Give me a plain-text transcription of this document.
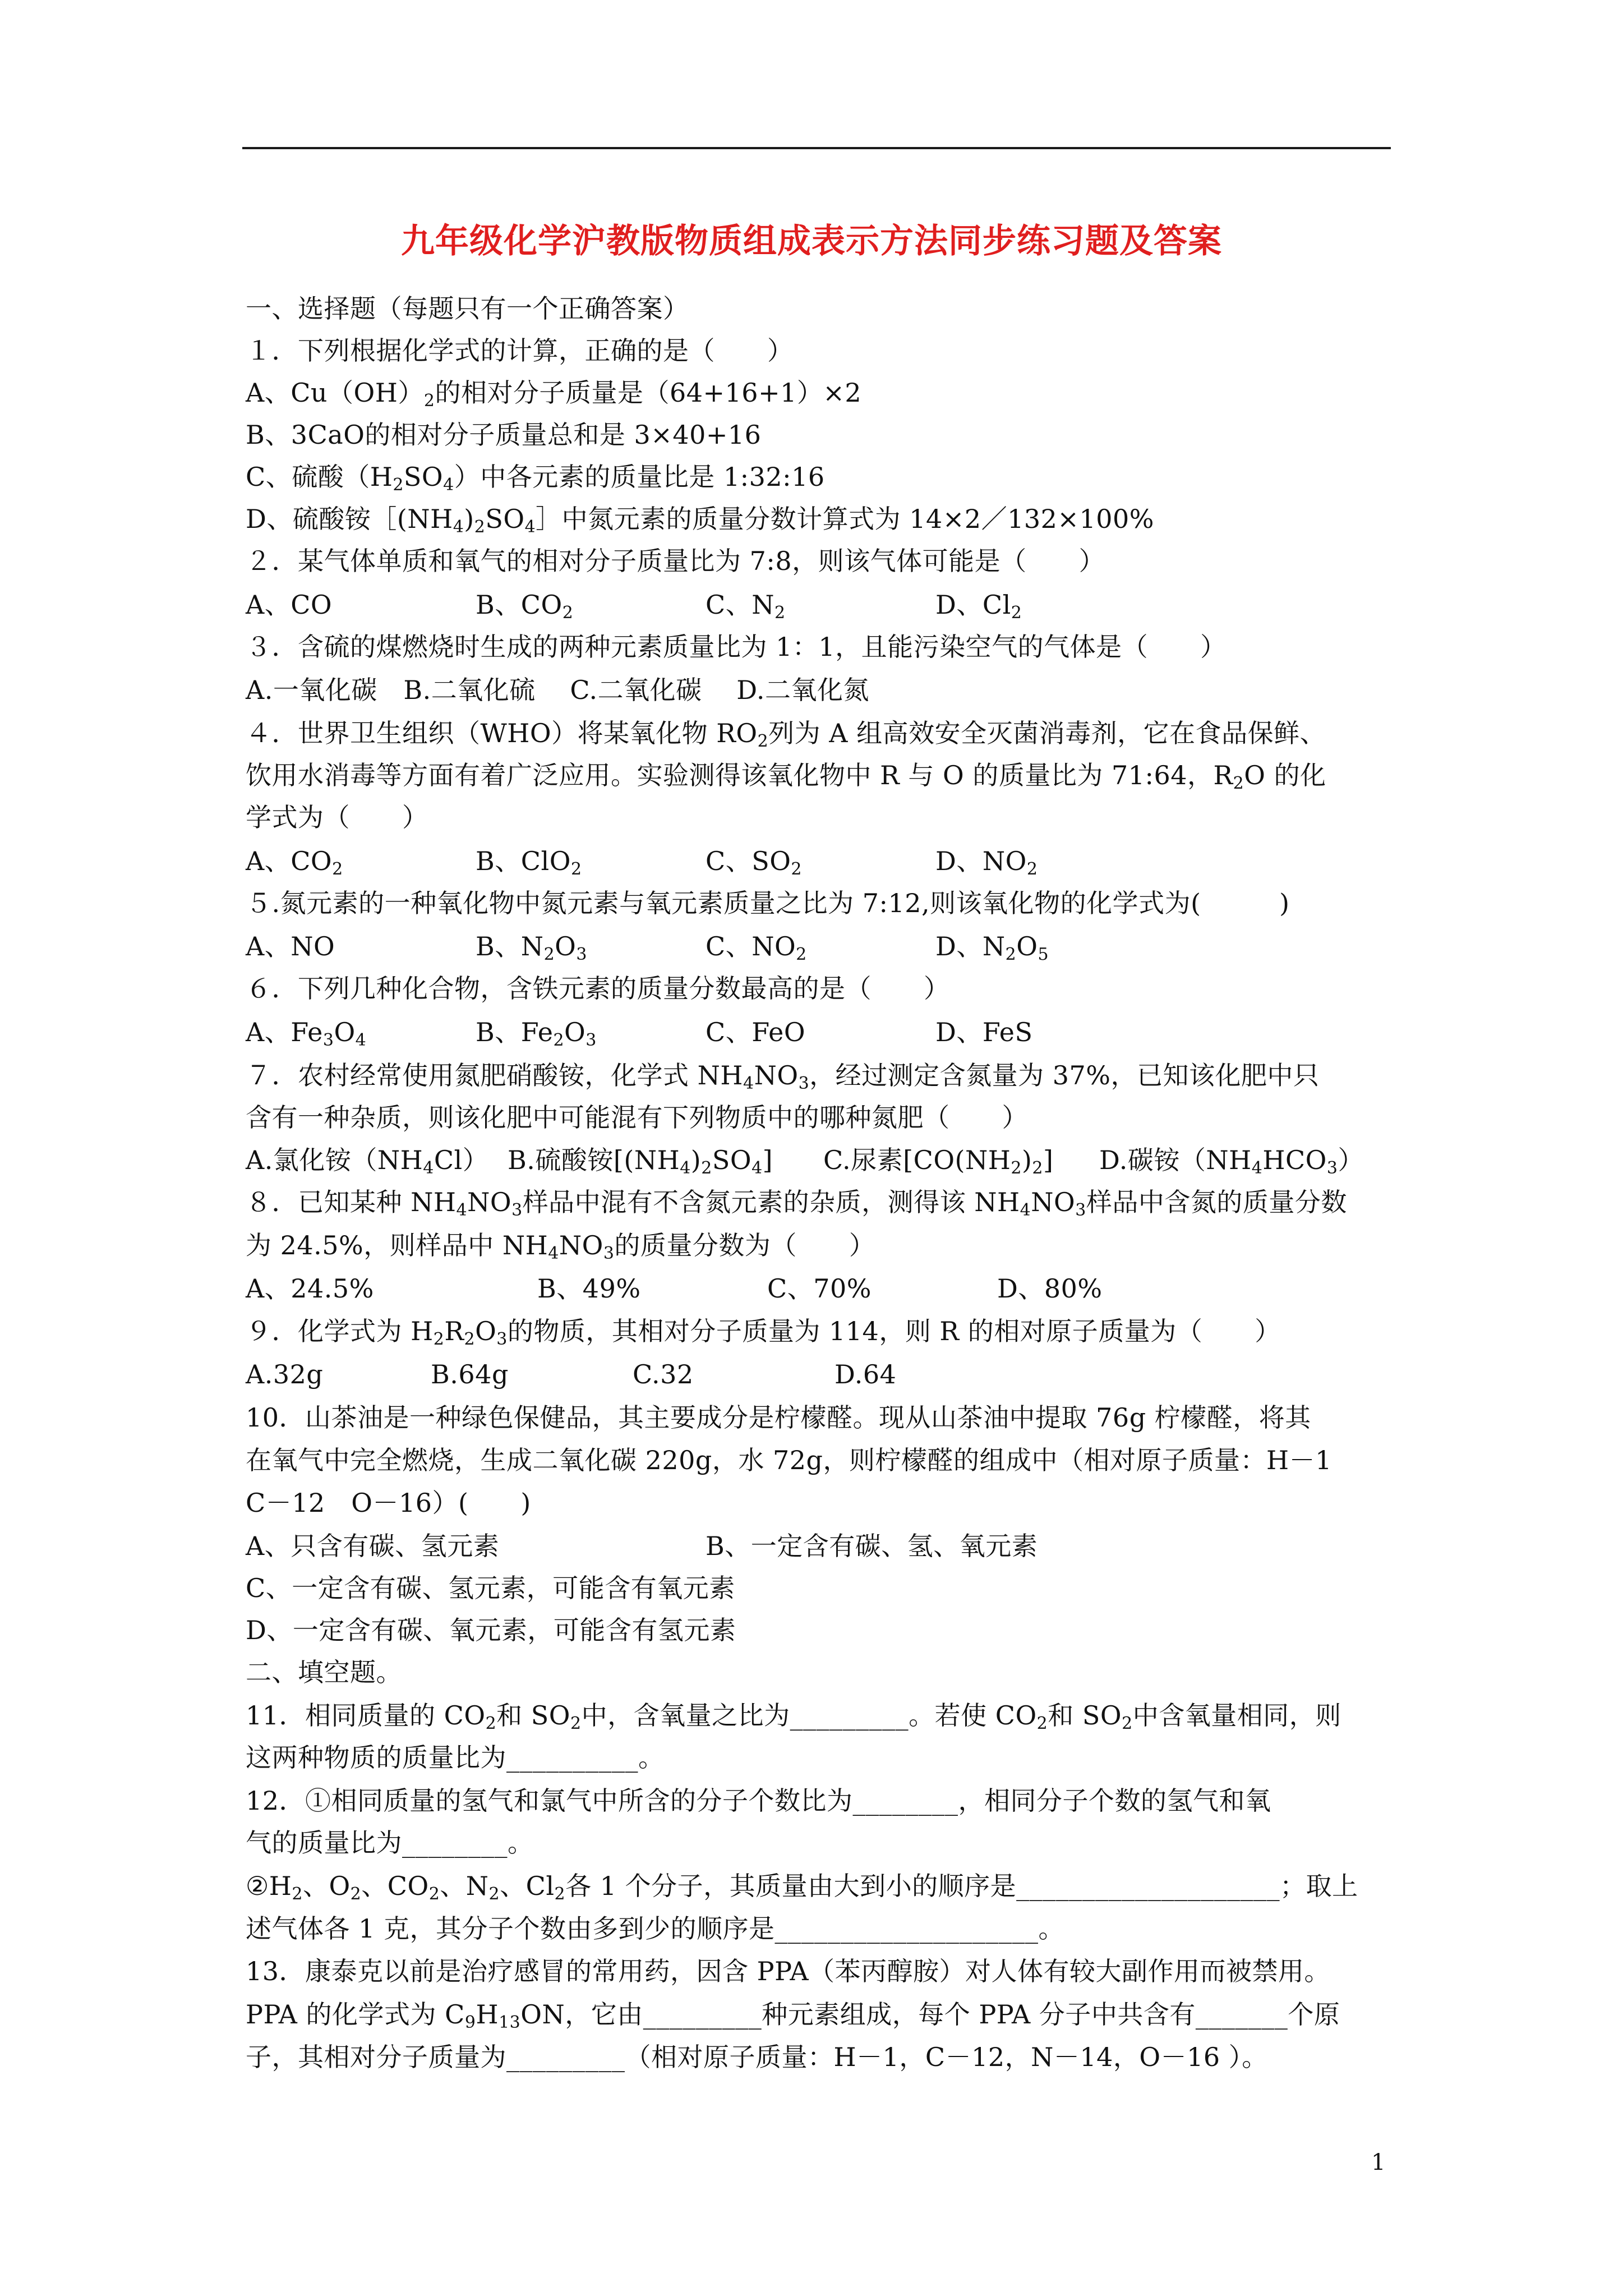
九年级化学沪教版物质组成表示方法同步练习题及答案
一、选择题（每题只有一个正确答案）
１．下列根据化学式的计算，正确的是（　　）
A、$Cu(OH)_2$的相对分子质量是（64+16+1）×2
B、3CaO的相对分子质量总和是 3×40+16
C、硫酸$(H_2SO_4)$中各元素的质量比是 1:32:16
D、硫酸铵$[(NH_4)_2SO_4]$中氮元素的质量分数计算式为 14×2／132×100%
２．某气体单质和氧气的相对分子质量比为 7:8，则该气体可能是（　　）
A、CO	B、$CO_2$	C、$N_2$	D、$Cl_2$
３．含硫的煤燃烧时生成的两种元素质量比为 1：1，且能污染空气的气体是（　　）
A.一氧化碳　B.二氧化硫　 C.二氧化碳　 D.二氧化氮
４．世界卫生组织（WHO）将某氧化物 $RO_2$列为 A 组高效安全灭菌消毒剂，它在食品保鲜、
饮用水消毒等方面有着广泛应用。实验测得该氧化物中 R 与 O 的质量比为 71:64，$R_2O$ 的化
学式为（　　）
A、$CO_2$	B、ClO$_2$	C、$SO_2$	D、$NO_2$
５.氮元素的一种氧化物中氮元素与氧元素质量之比为 7:12,则该氧化物的化学式为(　　　)
A、NO	B、$N_2O_3$	C、$NO_2$	D、$N_2O_5$
６．下列几种化合物，含铁元素的质量分数最高的是（　　）
A、$Fe_3O_4$	B、$Fe_2O_3$	C、FeO	D、FeS
７．农村经常使用氮肥硝酸铵，化学式 $NH_4NO_3$，经过测定含氮量为 37%，已知该化肥中只
含有一种杂质，则该化肥中可能混有下列物质中的哪种氮肥（　　）
A.氯化铵$(NH_4Cl)$ B.硫酸铵$[(NH_4)_2SO_4]$ C.尿素$[CO(NH_2)_2]$ D.碳铵$(NH_4HCO_3)$
８．已知某种 $NH_4NO_3$样品中混有不含氮元素的杂质，测得该 $NH_4NO_3$样品中含氮的质量分数
为 24.5%，则样品中 $NH_4NO_3$的质量分数为（　　）
A、24.5%	B、49%	C、70%	D、80%
９．化学式为 $H_2R_2O_3$的物质，其相对分子质量为 114，则 R 的相对原子质量为（　　）
A.32g	B.64g	C.32	D.64
10．山茶油是一种绿色保健品，其主要成分是柠檬醛。现从山茶油中提取 76g 柠檬醛，将其
在氧气中完全燃烧，生成二氧化碳 220g，水 72g，则柠檬醛的组成中（相对原子质量：H－1
C－12　O－16）(　　)
A、只含有碳、氢元素	B、一定含有碳、氢、氧元素
C、一定含有碳、氢元素，可能含有氧元素
D、一定含有碳、氧元素，可能含有氢元素
二、填空题。
11．相同质量的 $CO_2$和 $SO_2$中，含氧量之比为_________。若使 $CO_2$和 $SO_2$中含氧量相同，则
这两种物质的质量比为__________。
12．①相同质量的氢气和氯气中所含的分子个数比为________，相同分子个数的氢气和氧
气的质量比为________。
$②H_2$、$O_2$、$CO_2$、$N_2$、$Cl_2$各 1 个分子，其质量由大到小的顺序是____________________；取上
述气体各 1 克，其分子个数由多到少的顺序是____________________。
13．康泰克以前是治疗感冒的常用药，因含 PPA（苯丙醇胺）对人体有较大副作用而被禁用。
PPA 的化学式为 $C_9H_{13}ON$，它由_________种元素组成，每个 PPA 分子中共含有_______个原
子，其相对分子质量为_________（相对原子质量：H－1，C－12，N－14，O－16 ）。
1
